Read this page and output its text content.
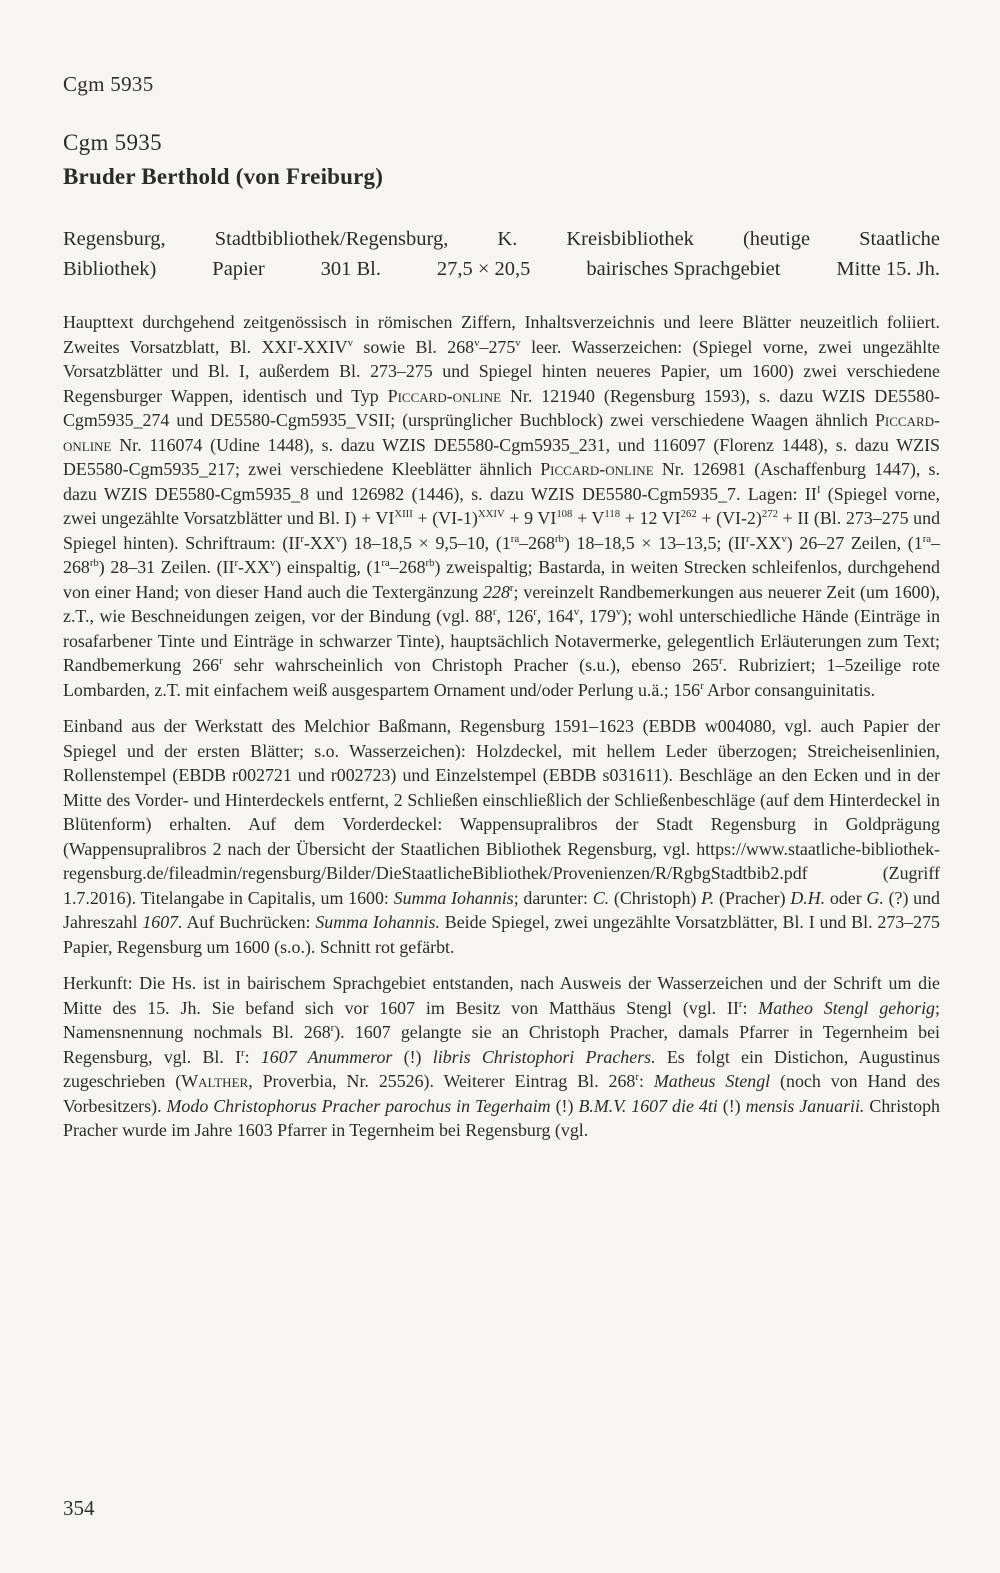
Cgm 5935
Cgm 5935
Bruder Berthold (von Freiburg)
Regensburg, Stadtbibliothek/Regensburg, K. Kreisbibliothek (heutige Staatliche
Bibliothek)	Papier	301 Bl.	27,5 × 20,5	bairisches Sprachgebiet	Mitte 15. Jh.

Haupttext durchgehend zeitgenössisch in römischen Ziffern, Inhaltsverzeichnis und leere Blätter neuzeitlich foliiert. Zweites Vorsatzblatt, Bl. XXI$^r$-XXIV$^v$ sowie Bl. 268$^v$–275$^v$ leer. Wasserzeichen: (Spiegel vorne, zwei ungezählte Vorsatzblätter und Bl. I, außerdem Bl. 273–275 und Spiegel hinten neueres Papier, um 1600) zwei verschiedene Regensburger Wappen, identisch und Typ Piccard-online Nr. 121940 (Regensburg 1593), s. dazu WZIS DE5580-Cgm5935_274 und DE5580-Cgm5935_VSII; (ursprünglicher Buchblock) zwei verschiedene Waagen ähnlich Piccard-online Nr. 116074 (Udine 1448), s. dazu WZIS DE5580-Cgm5935_231, und 116097 (Florenz 1448), s. dazu WZIS DE5580-Cgm5935_217; zwei verschiedene Kleeblätter ähnlich Piccard-online Nr. 126981 (Aschaffenburg 1447), s. dazu WZIS DE5580-Cgm5935_8 und 126982 (1446), s. dazu WZIS DE5580-Cgm5935_7. Lagen: $II^I$ (Spiegel vorne, zwei ungezählte Vorsatzblätter und Bl. $I) + VI^{XIII} + (VI-1)^{XXIV} + 9$ $VI^{108} + V^{118} + 12$ $VI^{262} + (VI-2)^{272}$ + II (Bl. 273–275 und Spiegel hinten). Schriftraum: $(II^r-XX^v) 18-18,5 \times 9,5-10$, $(1^{ra}-268^{rb}) 18-18,5 \times 13-13,5$; $(II^r-XX^v)$ 26–27 Zeilen, $(1^{ra}-268^{rb})$ 28–31 Zeilen. $(II^r-XX^v)$ einspaltig, $(1^{ra}-268^{rb})$ zweispaltig; Bastarda, in weiten Strecken schleifenlos, durchgehend von einer Hand; von dieser Hand auch die Textergänzung 228$^r$; vereinzelt Randbemerkungen aus neuerer Zeit (um 1600), z.T., wie Beschneidungen zeigen, vor der Bindung (vgl. 88$^r$, 126$^r$, 164$^v$, 179$^v$); wohl unterschiedliche Hände (Einträge in rosafarbener Tinte und Einträge in schwarzer Tinte), hauptsächlich Notavermerke, gelegentlich Erläuterungen zum Text; Randbemerkung 266$^r$ sehr wahrscheinlich von Christoph Pracher (s.u.), ebenso 265$^r$. Rubriziert; 1–5zeilige rote Lombarden, z.T. mit einfachem weiß ausgespartem Ornament und/oder Perlung u.ä.; 156$^r$ Arbor consanguinitatis.

Einband aus der Werkstatt des Melchior Baßmann, Regensburg 1591–1623 (EBDB w004080, vgl. auch Papier der Spiegel und der ersten Blätter; s.o. Wasserzeichen): Holzdeckel, mit hellem Leder überzogen; Streicheisenlinien, Rollenstempel (EBDB r002721 und r002723) und Einzelstempel (EBDB s031611). Beschläge an den Ecken und in der Mitte des Vorder- und Hinterdeckels entfernt, 2 Schließen einschließlich der Schließenbeschläge (auf dem Hinterdeckel in Blütenform) erhalten. Auf dem Vorderdeckel: Wappensupralibros der Stadt Regensburg in Goldprägung (Wappensupralibros 2 nach der Übersicht der Staatlichen Bibliothek Regensburg, vgl. https://www.staatliche-bibliothek-regensburg.de/fileadmin/regensburg/Bilder/DieStaatlicheBibliothek/Provenienzen/R/RgbgStadtbib2.pdf (Zugriff 1.7.2016). Titelangabe in Capitalis, um 1600: Summa Iohannis; darunter: C. (Christoph) P. (Pracher) D.H. oder G. (?) und Jahreszahl 1607. Auf Buchrücken: Summa Iohannis. Beide Spiegel, zwei ungezählte Vorsatzblätter, Bl. I und Bl. 273–275 Papier, Regensburg um 1600 (s.o.). Schnitt rot gefärbt.

Herkunft: Die Hs. ist in bairischem Sprachgebiet entstanden, nach Ausweis der Wasserzeichen und der Schrift um die Mitte des 15. Jh. Sie befand sich vor 1607 im Besitz von Matthäus Stengl (vgl. $II^r$: Matheo Stengl gehorig; Namensnennung nochmals Bl. 268$^r$). 1607 gelangte sie an Christoph Pracher, damals Pfarrer in Tegernheim bei Regensburg, vgl. Bl. $I^r$: 1607 Anummeror (!) libris Christophori Prachers. Es folgt ein Distichon, Augustinus zugeschrieben (Walther, Proverbia, Nr. 25526). Weiterer Eintrag Bl. 268$^r$: Matheus Stengl (noch von Hand des Vorbesitzers). Modo Christophorus Pracher parochus in Tegerhaim (!) B.M.V. 1607 die 4ti (!) mensis Januarii. Christoph Pracher wurde im Jahre 1603 Pfarrer in Tegernheim bei Regensburg (vgl.

354
